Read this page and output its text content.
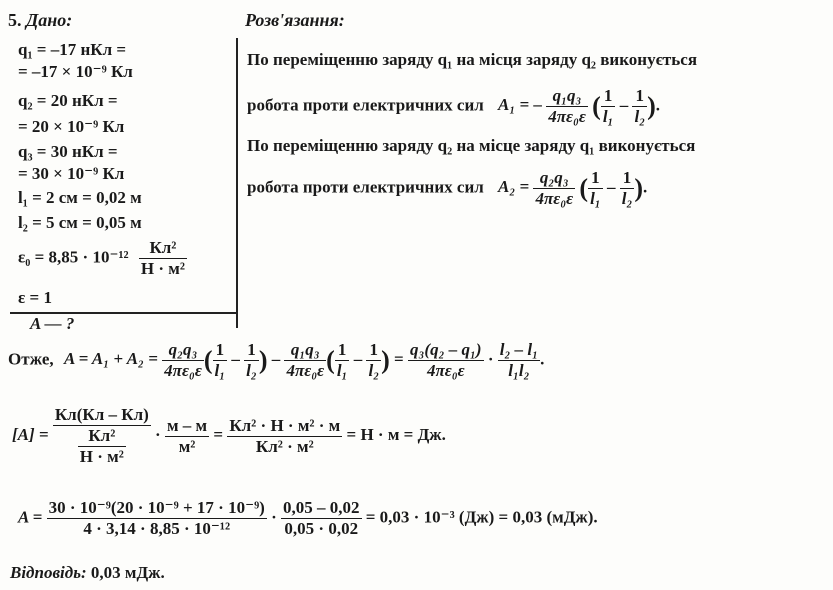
5. Дано:	Розв'язання:
q₁ = –17 нКл =
= –17 × 10⁻⁹ Кл
q₂ = 20 нКл =
= 20 × 10⁻⁹ Кл
q₃ = 30 нКл =
= 30 × 10⁻⁹ Кл
l₁ = 2 см = 0,02 м
l₂ = 5 см = 0,05 м
$\varepsilon_0 = 8,85 \cdot 10^{-12} \frac{\text{Кл²}}{\text{Н · м²}}$
ε = 1
A — ?
По переміщенню заряду q₁ на місця заряду q₂ виконується
робота проти електричних сил A₁ = – $\frac{\text{q₁q₃}}{\text{4πε₀ε}}$ ( $\frac{1}{\text{l₁}} - \frac{1}{\text{l₂}}$ ).
По переміщенню заряду q₂ на місце заряду q₁ виконується
робота проти електричних сил $A_2 = \frac{\text{q₂q₃}}{\text{4πε₀ε}}$ ( $\frac{1}{\text{l₁}} - \frac{1}{\text{l₂}}$ ).
Отже, $A = A_1 + A_2 = \frac{\text{q₂q₃}}{\text{4πε₀ε}}$ ( $\frac{1}{\text{l₁}} - \frac{1}{\text{l₂}}$ ) – $\frac{\text{q₁q₃}}{\text{4πε₀ε}}$ ( $\frac{1}{\text{l₁}} - \frac{1}{\text{l₂}}$ ) = $\frac{\text{q₃(q₂ – q₁)}}{\text{4πε₀ε}} \cdot \frac{\text{l₂ – l₁}}{\text{l₁l₂}}$ .
$[A] = \frac{Кл(Кл - Кл)}{\frac{\text{Кл²}}{\text{Н · м²}}} \cdot \frac{м - м}{\text{м²}} = \frac{\text{Кл² · Н · м² · м}}{\text{Кл² · м²}} = Н \cdot м$ = Дж.
$A = \frac{\text{30 · 10⁻⁹(20 · 10⁻⁹ + 17 · 10⁻⁹)}}{\text{4 · 3,14 · 8,85 · 10⁻¹²}} \cdot \frac{0,05 - 0,02}{0,05 \cdot 0,02} = 0,03 \cdot 10^{-3}$ (Дж) = 0,03 (мДж).
Відповідь: 0,03 мДж.
